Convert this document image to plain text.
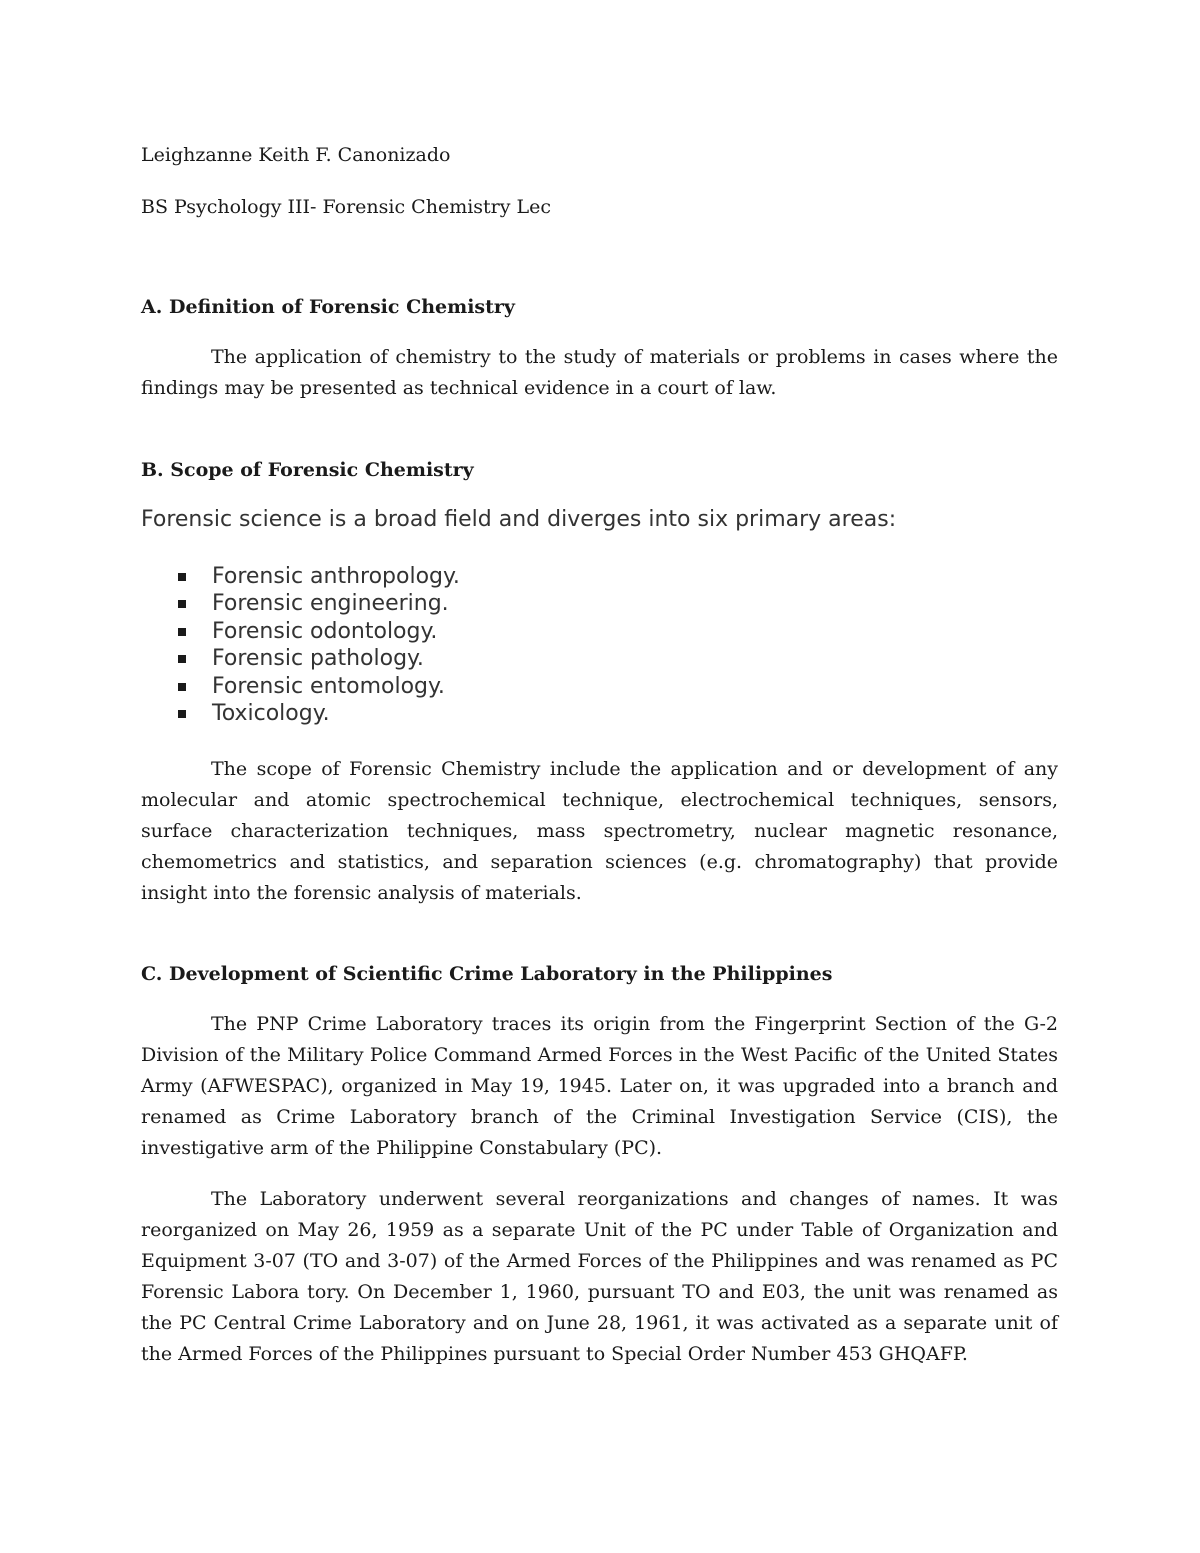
Leighzanne Keith F. Canonizado
BS Psychology III- Forensic Chemistry Lec
A. Definition of Forensic Chemistry

The application of chemistry to the study of materials or problems in cases where the findings may be presented as technical evidence in a court of law.

B. Scope of Forensic Chemistry
Forensic science is a broad field and diverges into six primary areas:
Forensic anthropology.
Forensic engineering.
Forensic odontology.
Forensic pathology.
Forensic entomology.
Toxicology.

The scope of Forensic Chemistry include the application and or development of any molecular and atomic spectrochemical technique, electrochemical techniques, sensors, surface characterization techniques, mass spectrometry, nuclear magnetic resonance, chemometrics and statistics, and separation sciences (e.g. chromatography) that provide insight into the forensic analysis of materials.

C. Development of Scientific Crime Laboratory in the Philippines

The PNP Crime Laboratory traces its origin from the Fingerprint Section of the G-2 Division of the Military Police Command Armed Forces in the West Pacific of the United States Army (AFWESPAC), organized in May 19, 1945. Later on, it was upgraded into a branch and renamed as Crime Laboratory branch of the Criminal Investigation Service (CIS), the investigative arm of the Philippine Constabulary (PC).

The Laboratory underwent several reorganizations and changes of names. It was reorganized on May 26, 1959 as a separate Unit of the PC under Table of Organization and Equipment 3-07 (TO and 3-07) of the Armed Forces of the Philippines and was renamed as PC Forensic Labora tory. On December 1, 1960, pursuant TO and E03, the unit was renamed as the PC Central Crime Laboratory and on June 28, 1961, it was activated as a separate unit of the Armed Forces of the Philippines pursuant to Special Order Number 453 GHQAFP.
